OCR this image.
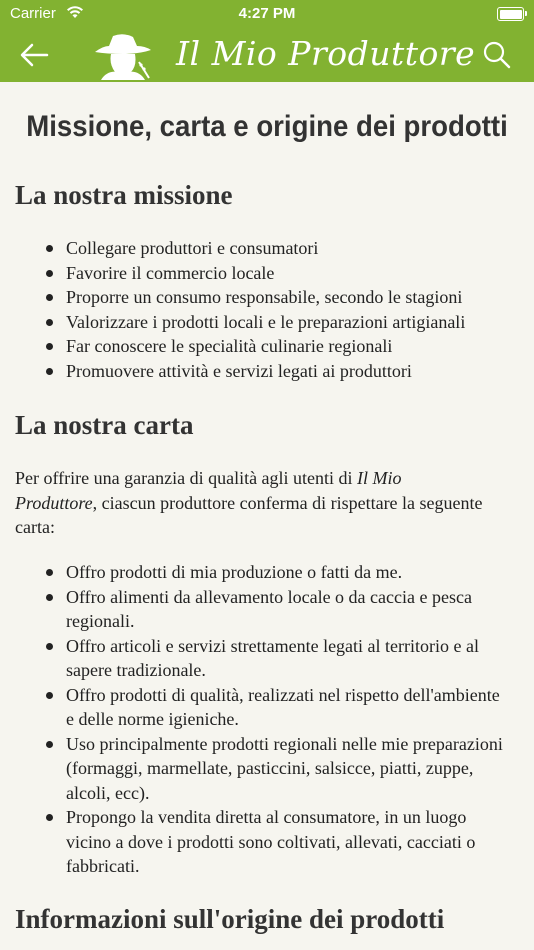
Carrier	4:27 PM
Il Mio Produttore
Missione, carta e origine dei prodotti
La nostra missione
Collegare produttori e consumatori
Favorire il commercio locale
Proporre un consumo responsabile, secondo le stagioni
Valorizzare i prodotti locali e le preparazioni artigianali
Far conoscere le specialità culinarie regionali
Promuovere attività e servizi legati ai produttori
La nostra carta

Per offrire una garanzia di qualità agli utenti di Il Mio Produttore, ciascun produttore conferma di rispettare la seguente carta:

Offro prodotti di mia produzione o fatti da me.
Offro alimenti da allevamento locale o da caccia e pesca regionali.
Offro articoli e servizi strettamente legati al territorio e al sapere tradizionale.
Offro prodotti di qualità, realizzati nel rispetto dell'ambiente e delle norme igieniche.
Uso principalmente prodotti regionali nelle mie preparazioni (formaggi, marmellate, pasticcini, salsicce, piatti, zuppe, alcoli, ecc).
Propongo la vendita diretta al consumatore, in un luogo vicino a dove i prodotti sono coltivati, allevati, cacciati o fabbricati.
Informazioni sull'origine dei prodotti
